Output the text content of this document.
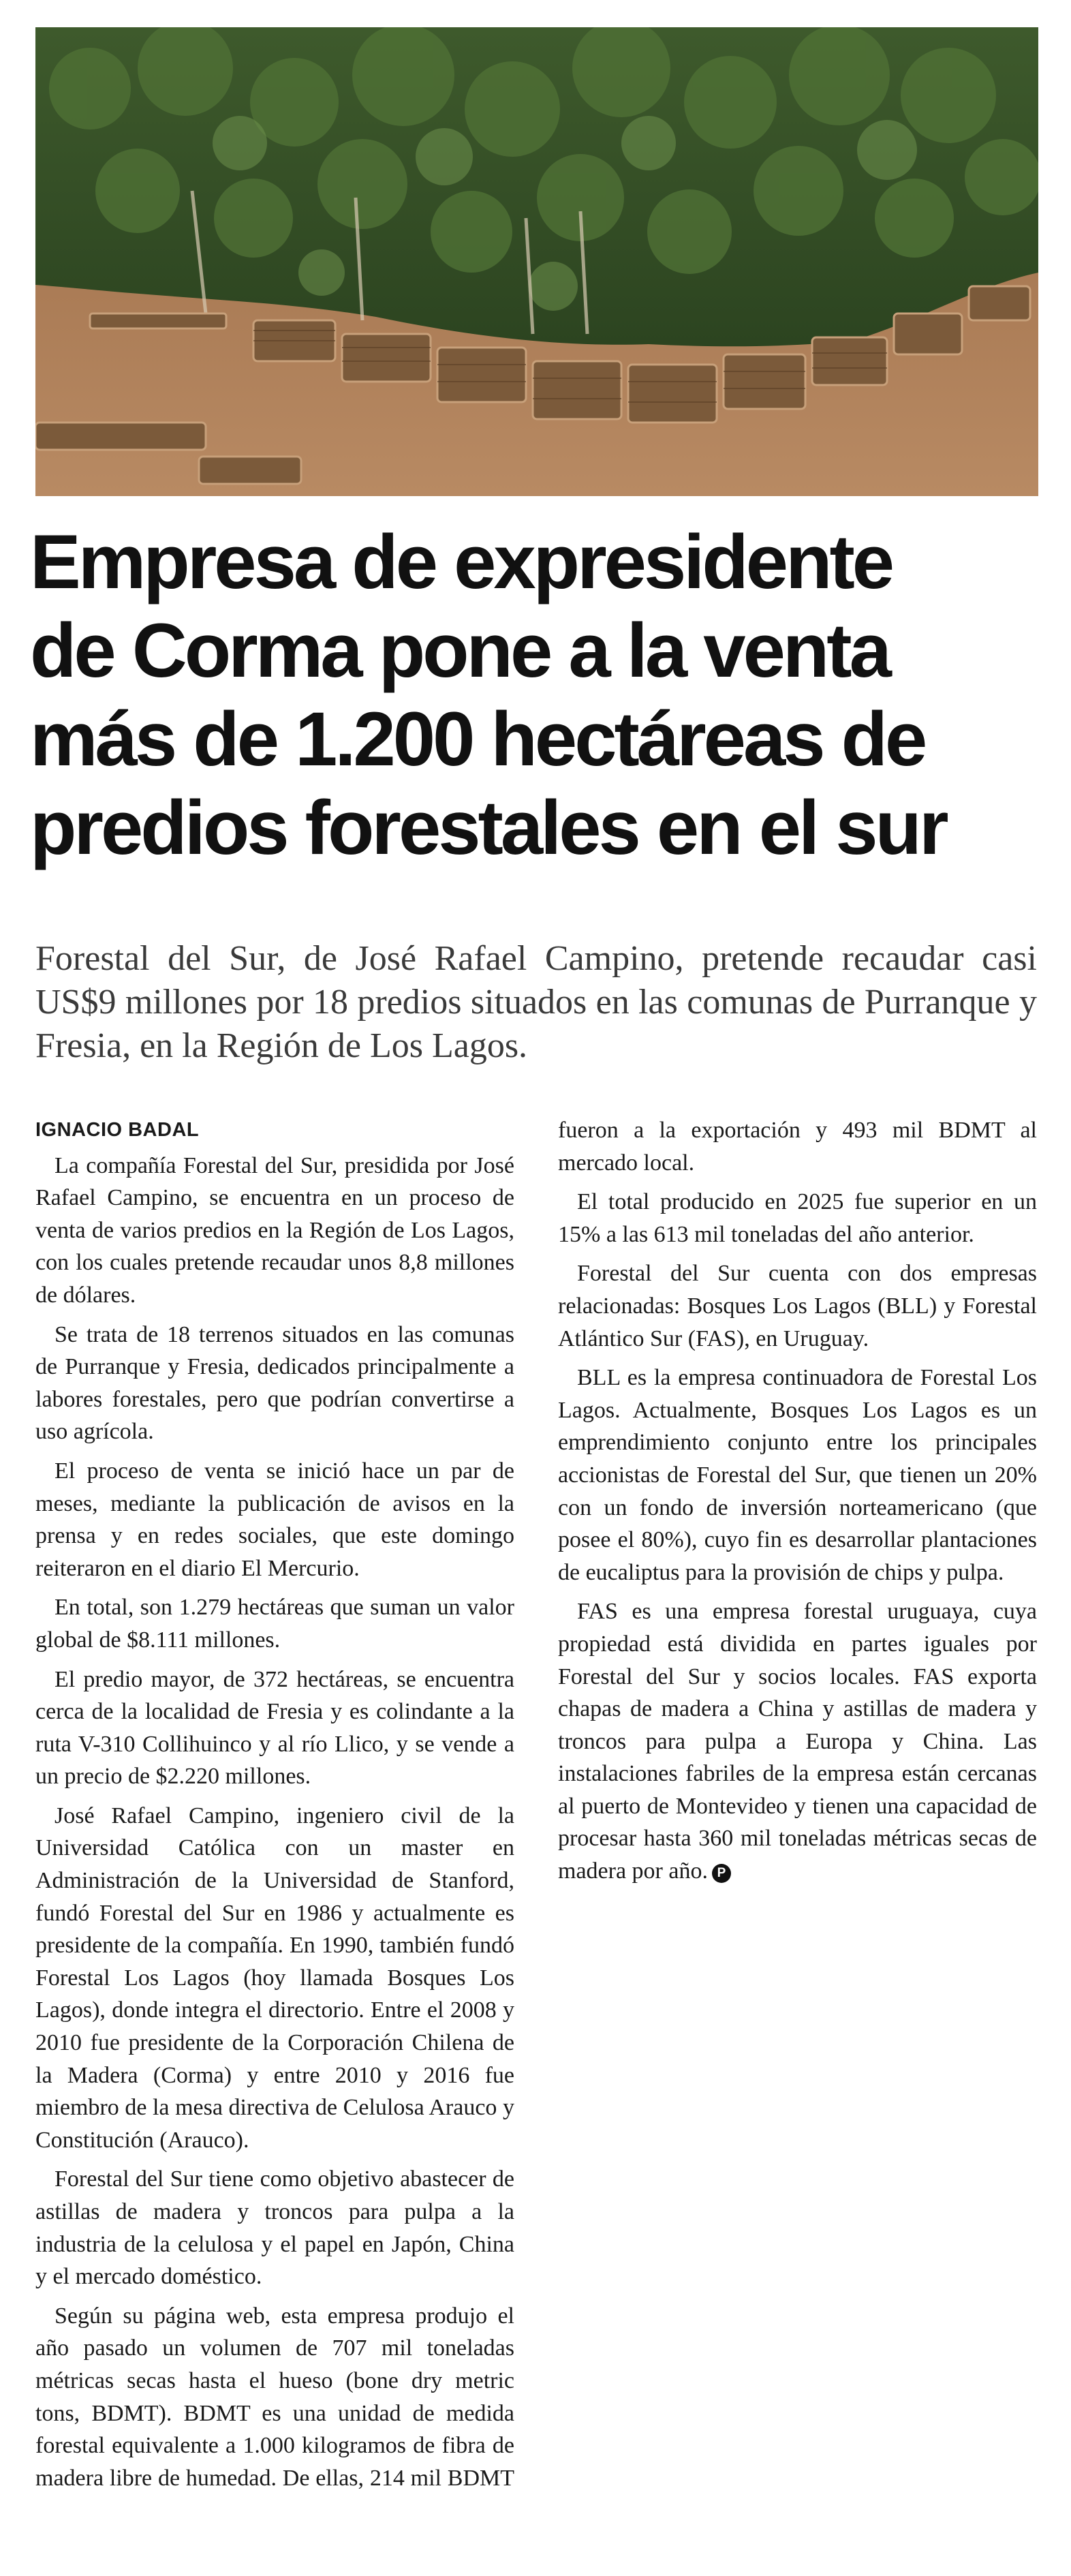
Empresa de expresidente
de Corma pone a la venta
más de 1.200 hectáreas de
predios forestales en el sur

Forestal del Sur, de José Rafael Campino, pretende recaudar casi US$9 millones por 18 predios situados en las comunas de Purranque y Fresia, en la Región de Los Lagos.

IGNACIO BADAL

La compañía Forestal del Sur, presidida por José Rafael Campino, se encuentra en un proceso de venta de varios predios en la Región de Los Lagos, con los cuales pretende recaudar unos 8,8 millones de dólares.

Se trata de 18 terrenos situados en las comunas de Purranque y Fresia, dedicados principalmente a labores forestales, pero que podrían convertirse a uso agrícola.

El proceso de venta se inició hace un par de meses, mediante la publicación de avisos en la prensa y en redes sociales, que este domingo reiteraron en el diario El Mercurio.

En total, son 1.279 hectáreas que suman un valor global de $8.111 millones.

El predio mayor, de 372 hectáreas, se encuentra cerca de la localidad de Fresia y es colindante a la ruta V-310 Collihuinco y al río Llico, y se vende a un precio de $2.220 millones.

José Rafael Campino, ingeniero civil de la Universidad Católica con un master en Administración de la Universidad de Stanford, fundó Forestal del Sur en 1986 y actualmente es presidente de la compañía. En 1990, también fundó Forestal Los Lagos (hoy llamada Bosques Los Lagos), donde integra el directorio. Entre el 2008 y 2010 fue presidente de la Corporación Chilena de la Madera (Corma) y entre 2010 y 2016 fue miembro de la mesa directiva de Celulosa Arauco y Constitución (Arauco).

Forestal del Sur tiene como objetivo abastecer de astillas de madera y troncos para pulpa a la industria de la celulosa y el papel en Japón, China y el mercado doméstico.

Según su página web, esta empresa produjo el año pasado un volumen de 707 mil toneladas métricas secas hasta el hueso (bone dry metric tons, BDMT). BDMT es una unidad de medida forestal equivalente a 1.000 kilogramos de fibra de madera libre de humedad. De ellas, 214 mil BDMT fueron a la exportación y 493 mil BDMT al mercado local.

El total producido en 2025 fue superior en un 15% a las 613 mil toneladas del año anterior.

Forestal del Sur cuenta con dos empresas relacionadas: Bosques Los Lagos (BLL) y Forestal Atlántico Sur (FAS), en Uruguay.

BLL es la empresa continuadora de Forestal Los Lagos. Actualmente, Bosques Los Lagos es un emprendimiento conjunto entre los principales accionistas de Forestal del Sur, que tienen un 20% con un fondo de inversión norteamericano (que posee el 80%), cuyo fin es desarrollar plantaciones de eucaliptus para la provisión de chips y pulpa.

FAS es una empresa forestal uruguaya, cuya propiedad está dividida en partes iguales por Forestal del Sur y socios locales. FAS exporta chapas de madera a China y astillas de madera y troncos para pulpa a Europa y China. Las instalaciones fabriles de la empresa están cercanas al puerto de Montevideo y tienen una capacidad de procesar hasta 360 mil toneladas métricas secas de madera por año. P
